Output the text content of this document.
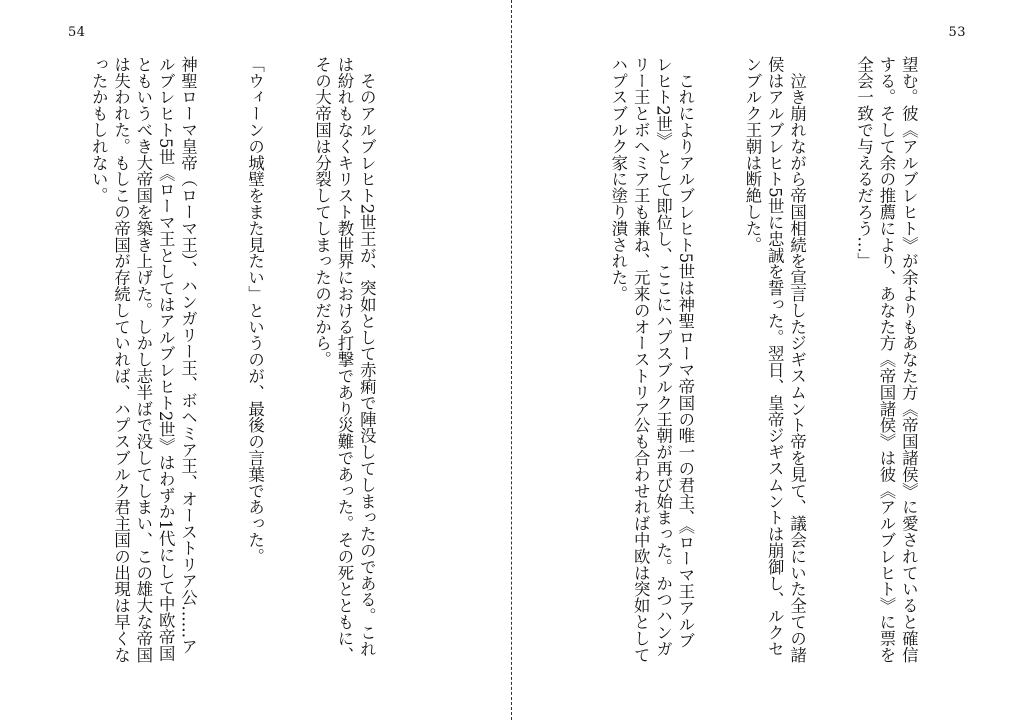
54

　そのアルブレヒト2世王が、突如として赤痢で陣没してしまったのである。これは紛れもなくキリスト教世界における打撃であり災難であった。その死とともに、その大帝国は分裂してしまったのだから。

「ウィーンの城壁をまた見たい」というのが、最後の言葉であった。

神聖ローマ皇帝（ローマ王）、ハンガリー王、ボヘミア王、オーストリア公……アルブレヒト5世《ローマ王としてはアルブレヒト2世》はわずか1代にして中欧帝国ともいうべき大帝国を築き上げた。しかし志半ばで没してしまい、この雄大な帝国は失われた。もしこの帝国が存続していれば、ハプスブルク君主国の出現は早くなったかもしれない。

53

望む。彼《アルブレヒト》が余よりもあなた方《帝国諸侯》に愛されていると確信する。そして余の推薦により、あなた方《帝国諸侯》は彼《アルブレヒト》に票を全会一致で与えるだろう…」

　泣き崩れながら帝国相続を宣言したジギスムント帝を見て、議会にいた全ての諸侯はアルブレヒト5世に忠誠を誓った。翌日、皇帝ジギスムントは崩御し、ルクセンブルク王朝は断絶した。

　これによりアルブレヒト5世は神聖ローマ帝国の唯一の君主、《ローマ王アルブレヒト2世》として即位し、ここにハプスブルク王朝が再び始まった。かつハンガリー王とボヘミア王も兼ね、元来のオーストリア公も合わせれば中欧は突如としてハプスブルク家に塗り潰された。
